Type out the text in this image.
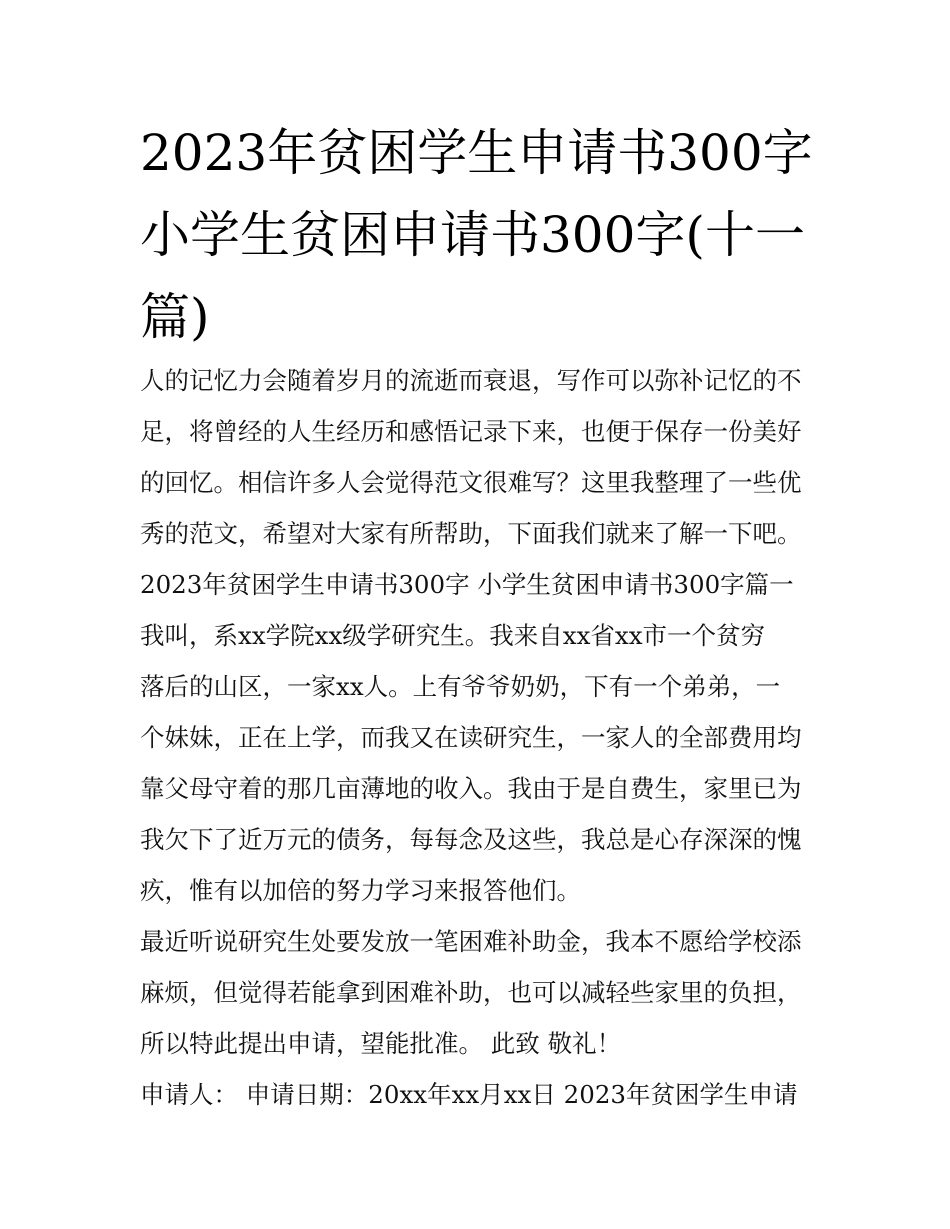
2023年贫困学生申请书300字
小学生贫困申请书300字(十一
篇)
人的记忆力会随着岁月的流逝而衰退，写作可以弥补记忆的不
足，将曾经的人生经历和感悟记录下来，也便于保存一份美好
的回忆。相信许多人会觉得范文很难写？这里我整理了一些优
秀的范文，希望对大家有所帮助，下面我们就来了解一下吧。
2023年贫困学生申请书300字 小学生贫困申请书300字篇一
我叫，系xx学院xx级学研究生。我来自xx省xx市一个贫穷
落后的山区，一家xx人。上有爷爷奶奶，下有一个弟弟，一
个妹妹，正在上学，而我又在读研究生，一家人的全部费用均
靠父母守着的那几亩薄地的收入。我由于是自费生，家里已为
我欠下了近万元的债务，每每念及这些，我总是心存深深的愧
疚，惟有以加倍的努力学习来报答他们。
最近听说研究生处要发放一笔困难补助金，我本不愿给学校添
麻烦，但觉得若能拿到困难补助，也可以减轻些家里的负担，
所以特此提出申请，望能批准。 此致 敬礼！
申请人： 申请日期：20xx年xx月xx日 2023年贫困学生申请
